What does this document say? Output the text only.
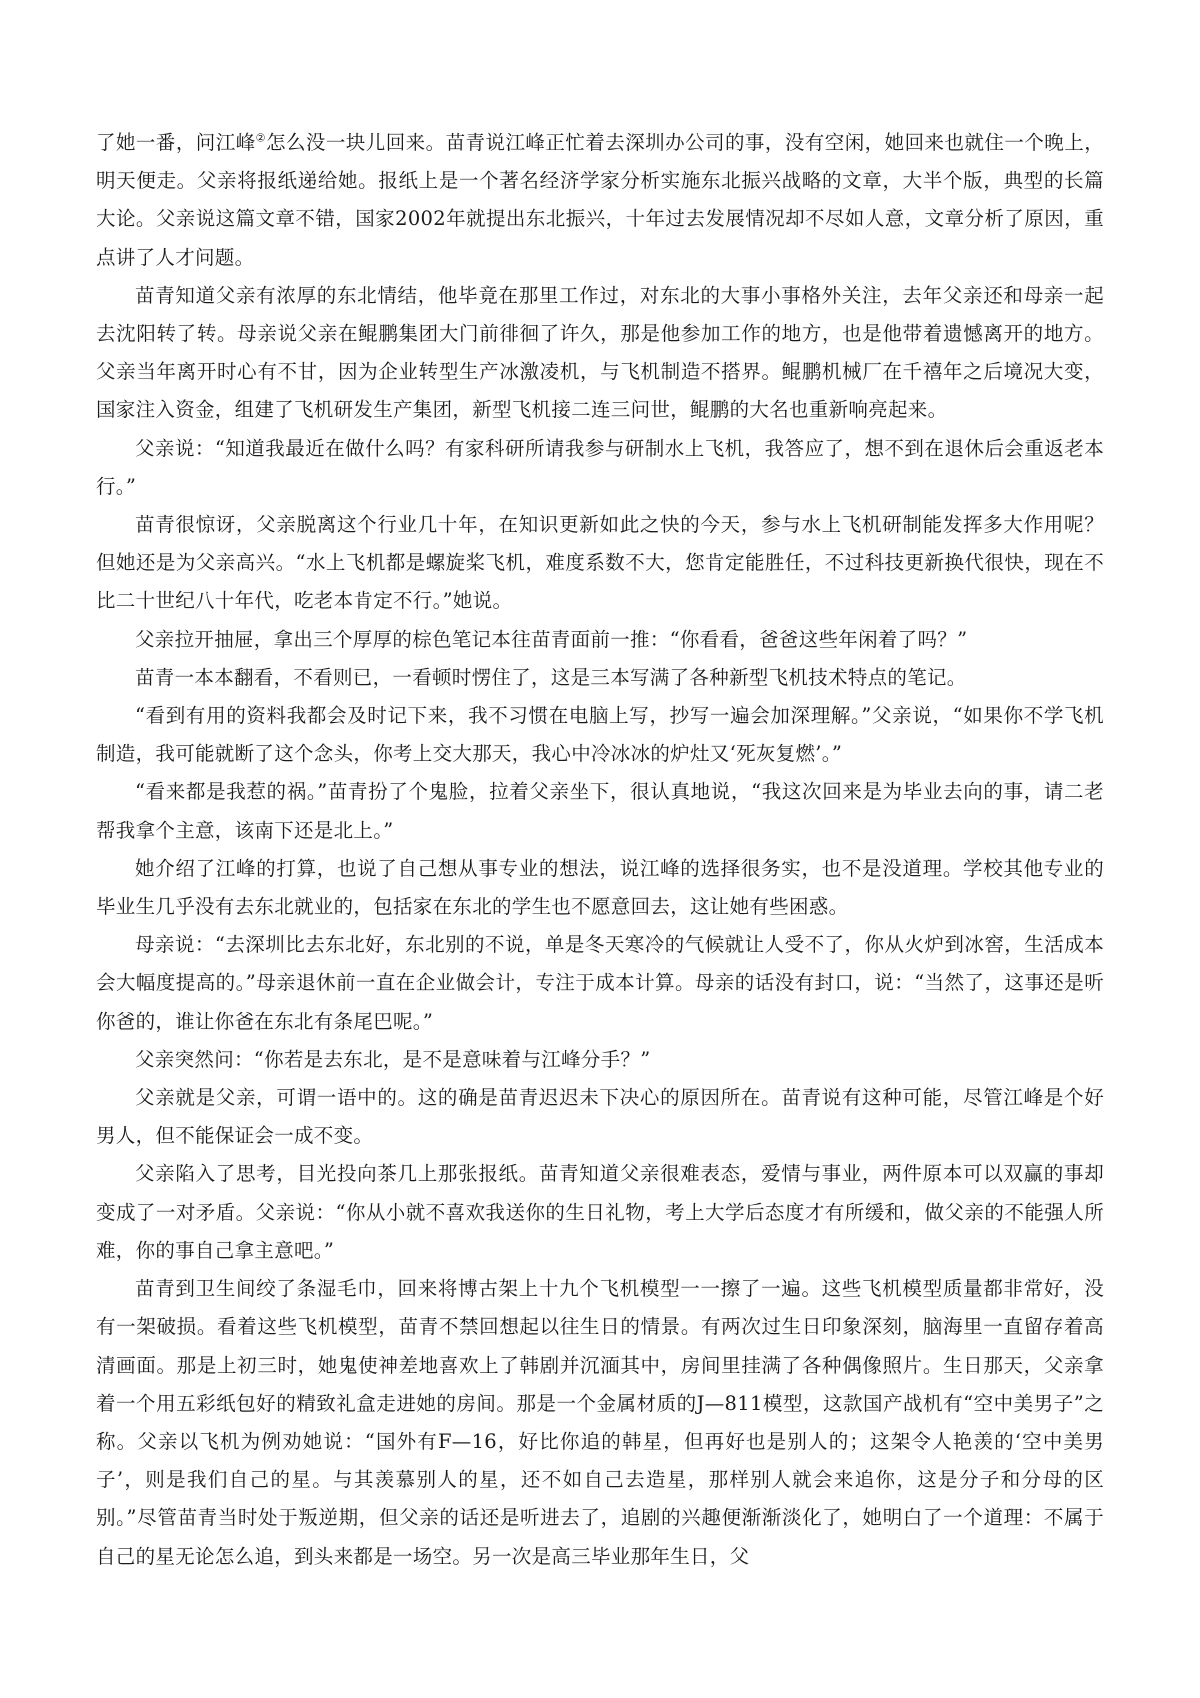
了她一番，问江峰②怎么没一块儿回来。苗青说江峰正忙着去深圳办公司的事，没有空闲，她回来也就住一个晚上，明天便走。父亲将报纸递给她。报纸上是一个著名经济学家分析实施东北振兴战略的文章，大半个版，典型的长篇大论。父亲说这篇文章不错，国家2002年就提出东北振兴，十年过去发展情况却不尽如人意，文章分析了原因，重点讲了人才问题。

苗青知道父亲有浓厚的东北情结，他毕竟在那里工作过，对东北的大事小事格外关注，去年父亲还和母亲一起去沈阳转了转。母亲说父亲在鲲鹏集团大门前徘徊了许久，那是他参加工作的地方，也是他带着遗憾离开的地方。父亲当年离开时心有不甘，因为企业转型生产冰激凌机，与飞机制造不搭界。鲲鹏机械厂在千禧年之后境况大变，国家注入资金，组建了飞机研发生产集团，新型飞机接二连三问世，鲲鹏的大名也重新响亮起来。

父亲说：“知道我最近在做什么吗？有家科研所请我参与研制水上飞机，我答应了，想不到在退休后会重返老本行。”

苗青很惊讶，父亲脱离这个行业几十年，在知识更新如此之快的今天，参与水上飞机研制能发挥多大作用呢？但她还是为父亲高兴。“水上飞机都是螺旋桨飞机，难度系数不大，您肯定能胜任，不过科技更新换代很快，现在不比二十世纪八十年代，吃老本肯定不行。”她说。

父亲拉开抽屉，拿出三个厚厚的棕色笔记本往苗青面前一推：“你看看，爸爸这些年闲着了吗？”

苗青一本本翻看，不看则已，一看顿时愣住了，这是三本写满了各种新型飞机技术特点的笔记。

“看到有用的资料我都会及时记下来，我不习惯在电脑上写，抄写一遍会加深理解。”父亲说，“如果你不学飞机制造，我可能就断了这个念头，你考上交大那天，我心中冷冰冰的炉灶又‘死灰复燃’。”

“看来都是我惹的祸。”苗青扮了个鬼脸，拉着父亲坐下，很认真地说，“我这次回来是为毕业去向的事，请二老帮我拿个主意，该南下还是北上。”

她介绍了江峰的打算，也说了自己想从事专业的想法，说江峰的选择很务实，也不是没道理。学校其他专业的毕业生几乎没有去东北就业的，包括家在东北的学生也不愿意回去，这让她有些困惑。

母亲说：“去深圳比去东北好，东北别的不说，单是冬天寒冷的气候就让人受不了，你从火炉到冰窖，生活成本会大幅度提高的。”母亲退休前一直在企业做会计，专注于成本计算。母亲的话没有封口，说：“当然了，这事还是听你爸的，谁让你爸在东北有条尾巴呢。”

父亲突然问：“你若是去东北，是不是意味着与江峰分手？”

父亲就是父亲，可谓一语中的。这的确是苗青迟迟未下决心的原因所在。苗青说有这种可能，尽管江峰是个好男人，但不能保证会一成不变。

父亲陷入了思考，目光投向茶几上那张报纸。苗青知道父亲很难表态，爱情与事业，两件原本可以双赢的事却变成了一对矛盾。父亲说：“你从小就不喜欢我送你的生日礼物，考上大学后态度才有所缓和，做父亲的不能强人所难，你的事自己拿主意吧。”

苗青到卫生间绞了条湿毛巾，回来将博古架上十九个飞机模型一一擦了一遍。这些飞机模型质量都非常好，没有一架破损。看着这些飞机模型，苗青不禁回想起以往生日的情景。有两次过生日印象深刻，脑海里一直留存着高清画面。那是上初三时，她鬼使神差地喜欢上了韩剧并沉湎其中，房间里挂满了各种偶像照片。生日那天，父亲拿着一个用五彩纸包好的精致礼盒走进她的房间。那是一个金属材质的J—811模型，这款国产战机有“空中美男子”之称。父亲以飞机为例劝她说：“国外有F—16，好比你追的韩星，但再好也是别人的；这架令人艳羡的‘空中美男子’，则是我们自己的星。与其羡慕别人的星，还不如自己去造星，那样别人就会来追你，这是分子和分母的区别。”尽管苗青当时处于叛逆期，但父亲的话还是听进去了，追剧的兴趣便渐渐淡化了，她明白了一个道理：不属于自己的星无论怎么追，到头来都是一场空。另一次是高三毕业那年生日，父
